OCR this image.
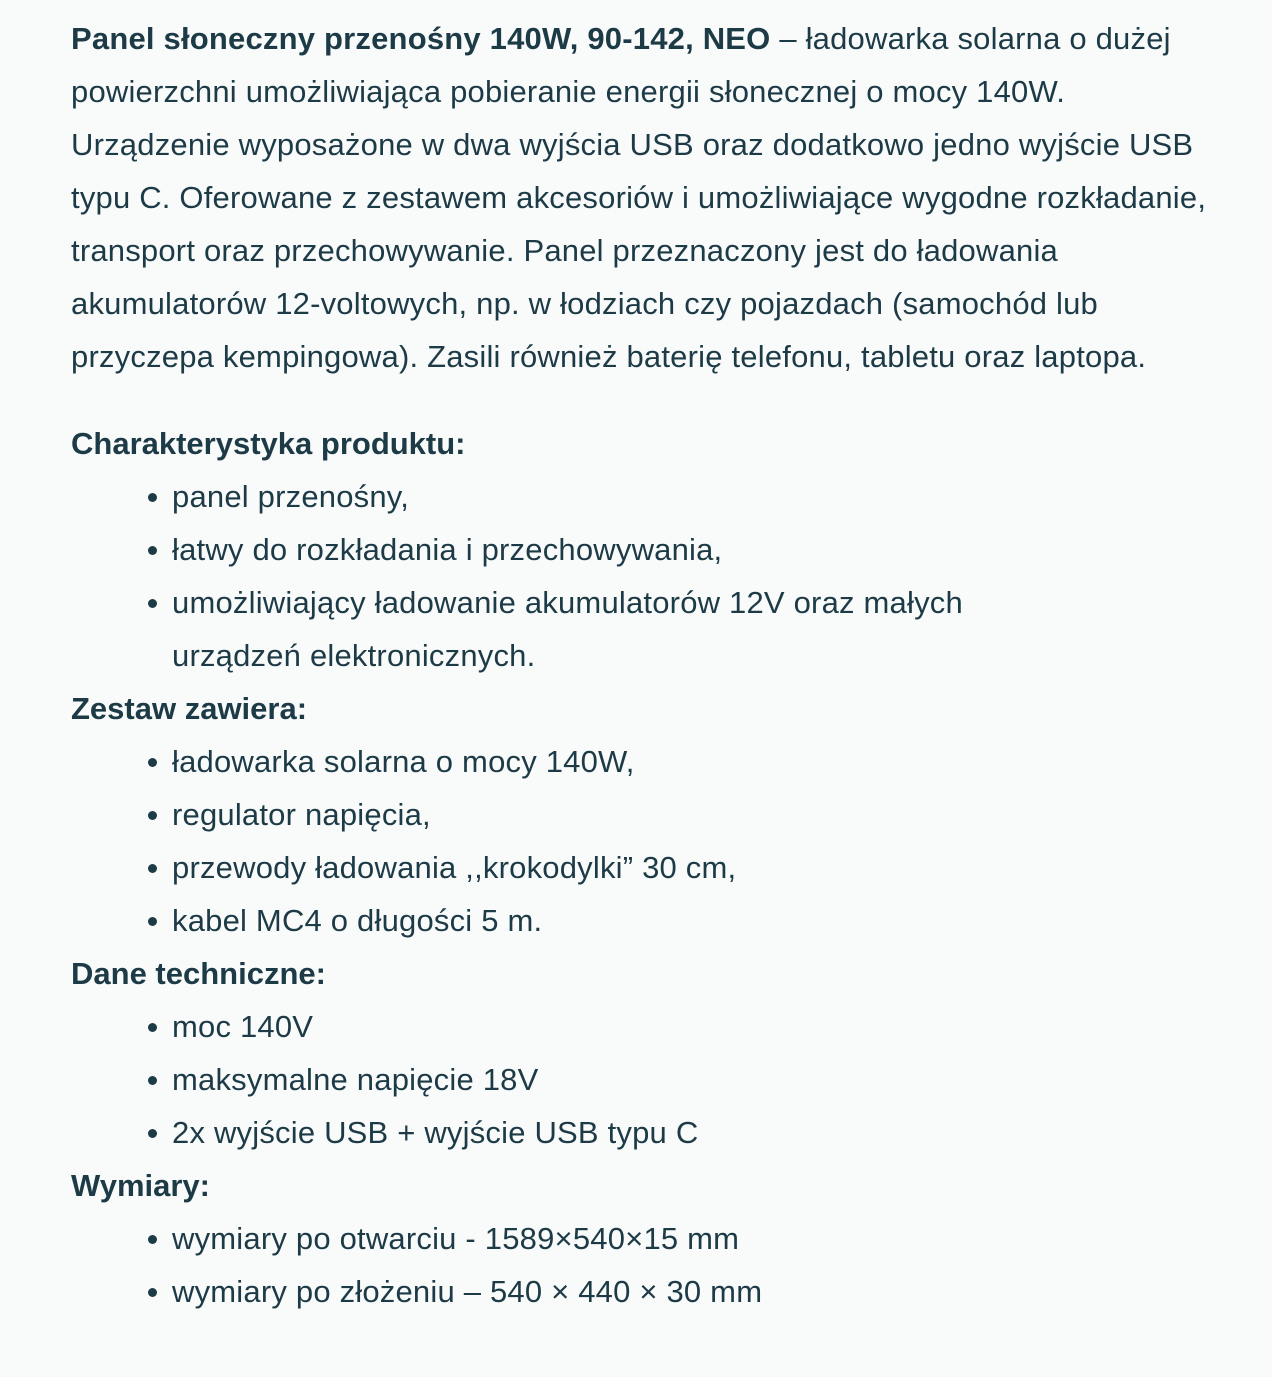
Panel słoneczny przenośny 140W, 90-142, NEO – ładowarka solarna o dużej powierzchni umożliwiająca pobieranie energii słonecznej o mocy 140W. Urządzenie wyposażone w dwa wyjścia USB oraz dodatkowo jedno wyjście USB typu C. Oferowane z zestawem akcesoriów i umożliwiające wygodne rozkładanie, transport oraz przechowywanie. Panel przeznaczony jest do ładowania akumulatorów 12-voltowych, np. w łodziach czy pojazdach (samochód lub przyczepa kempingowa). Zasili również baterię telefonu, tabletu oraz laptopa.

Charakterystyka produktu:

panel przenośny,
łatwy do rozkładania i przechowywania,
umożliwiający ładowanie akumulatorów 12V oraz małych urządzeń elektronicznych.

Zestaw zawiera:

ładowarka solarna o mocy 140W,
regulator napięcia,
przewody ładowania ,,krokodylki” 30 cm,
kabel MC4 o długości 5 m.

Dane techniczne:

moc 140V
maksymalne napięcie 18V
2x wyjście USB + wyjście USB typu C

Wymiary:

wymiary po otwarciu - 1589×540×15 mm
wymiary po złożeniu – 540 × 440 × 30 mm
